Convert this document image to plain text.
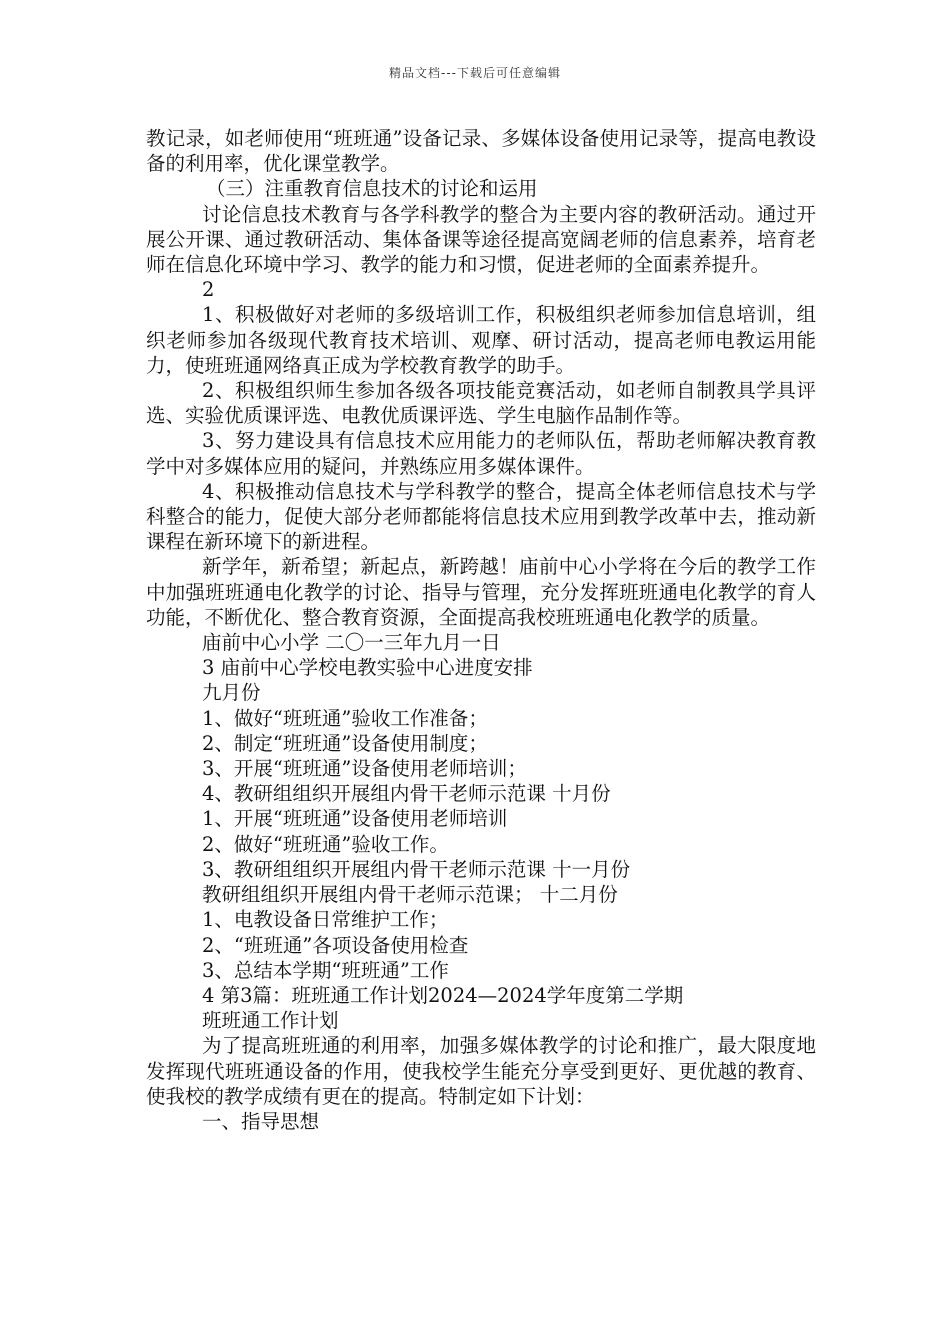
精品文档---下载后可任意编辑

教记录，如老师使用“班班通”设备记录、多媒体设备使用记录等，提高电教设备的利用率，优化课堂教学。

（三）注重教育信息技术的讨论和运用

讨论信息技术教育与各学科教学的整合为主要内容的教研活动。通过开展公开课、通过教研活动、集体备课等途径提高宽阔老师的信息素养，培育老师在信息化环境中学习、教学的能力和习惯，促进老师的全面素养提升。

2

1、积极做好对老师的多级培训工作，积极组织老师参加信息培训，组织老师参加各级现代教育技术培训、观摩、研讨活动，提高老师电教运用能力，使班班通网络真正成为学校教育教学的助手。

2、积极组织师生参加各级各项技能竞赛活动，如老师自制教具学具评选、实验优质课评选、电教优质课评选、学生电脑作品制作等。

3、努力建设具有信息技术应用能力的老师队伍，帮助老师解决教育教学中对多媒体应用的疑问，并熟练应用多媒体课件。

4、积极推动信息技术与学科教学的整合，提高全体老师信息技术与学科整合的能力，促使大部分老师都能将信息技术应用到教学改革中去，推动新课程在新环境下的新进程。

新学年，新希望；新起点，新跨越！庙前中心小学将在今后的教学工作中加强班班通电化教学的讨论、指导与管理，充分发挥班班通电化教学的育人功能，不断优化、整合教育资源，全面提高我校班班通电化教学的质量。

庙前中心小学 二〇一三年九月一日

3 庙前中心学校电教实验中心进度安排

九月份

1、做好“班班通”验收工作准备；

2、制定“班班通”设备使用制度；

3、开展“班班通”设备使用老师培训；

4、教研组组织开展组内骨干老师示范课 十月份

1、开展“班班通”设备使用老师培训

2、做好“班班通”验收工作。

3、教研组组织开展组内骨干老师示范课 十一月份

教研组组织开展组内骨干老师示范课； 十二月份

1、电教设备日常维护工作；

2、“班班通”各项设备使用检查

3、总结本学期“班班通”工作

4 第3篇：班班通工作计划2024—2024学年度第二学期

班班通工作计划

为了提高班班通的利用率，加强多媒体教学的讨论和推广，最大限度地发挥现代班班通设备的作用，使我校学生能充分享受到更好、更优越的教育、使我校的教学成绩有更在的提高。特制定如下计划：

一、指导思想
